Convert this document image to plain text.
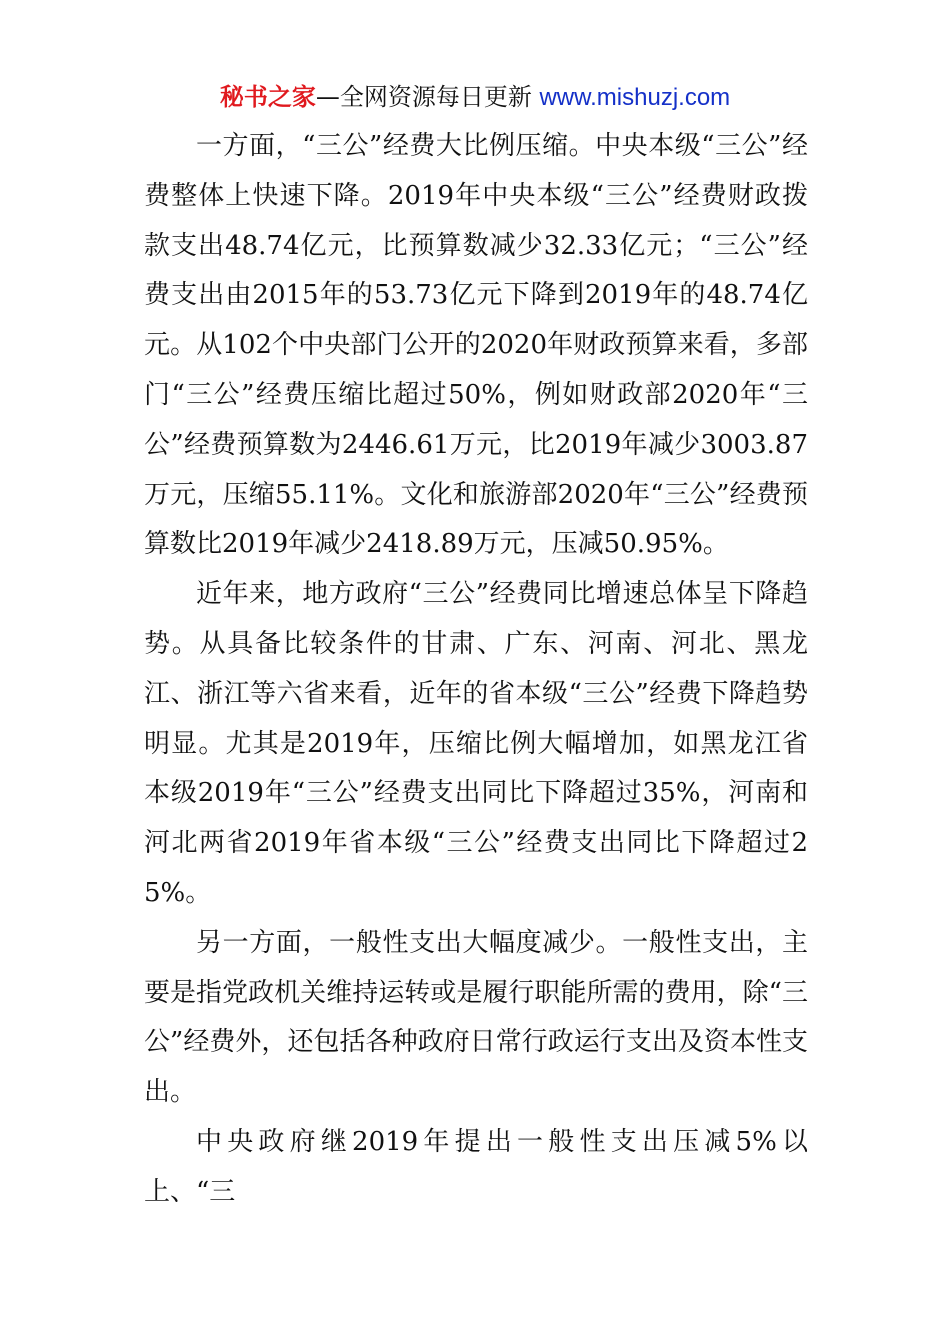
秘书之家—全网资源每日更新 www.mishuzj.com

一方面，“三公”经费大比例压缩。中央本级“三公”经费整体上快速下降。2019年中央本级“三公”经费财政拨款支出48.74亿元，比预算数减少32.33亿元；“三公”经费支出由2015年的53.73亿元下降到2019年的48.74亿元。从102个中央部门公开的2020年财政预算来看，多部门“三公”经费压缩比超过50%，例如财政部2020年“三公”经费预算数为2446.61万元，比2019年减少3003.87万元，压缩55.11%。文化和旅游部2020年“三公”经费预算数比2019年减少2418.89万元，压减50.95%。

近年来，地方政府“三公”经费同比增速总体呈下降趋势。从具备比较条件的甘肃、广东、河南、河北、黑龙江、浙江等六省来看，近年的省本级“三公”经费下降趋势明显。尤其是2019年，压缩比例大幅增加，如黑龙江省本级2019年“三公”经费支出同比下降超过35%，河南和河北两省2019年省本级“三公”经费支出同比下降超过25%。

另一方面，一般性支出大幅度减少。一般性支出，主要是指党政机关维持运转或是履行职能所需的费用，除“三公”经费外，还包括各种政府日常行政运行支出及资本性支出。

中央政府继2019年提出一般性支出压减5%以上、“三
